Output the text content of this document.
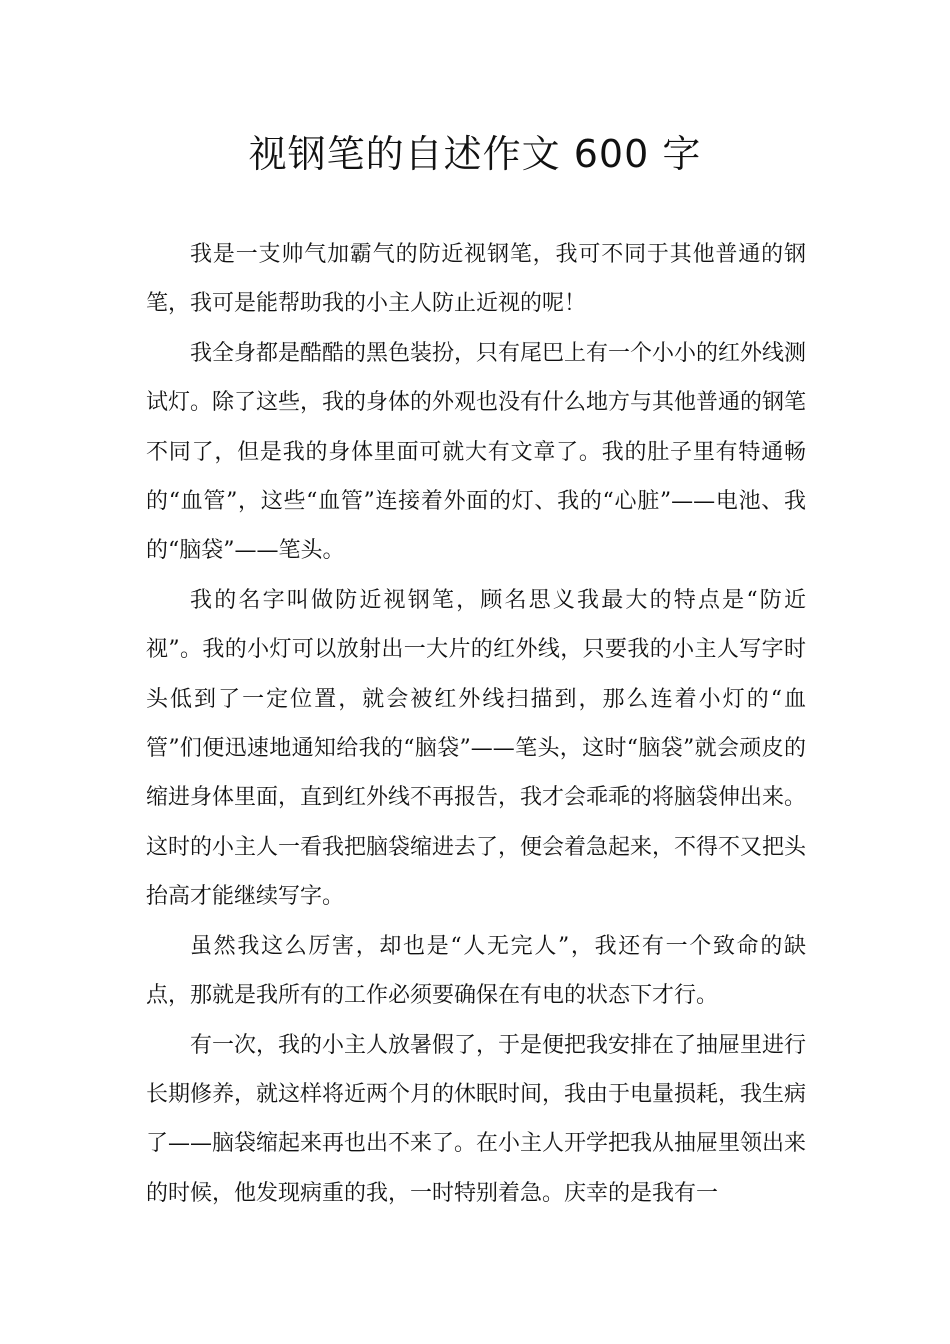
视钢笔的自述作文 600 字

我是一支帅气加霸气的防近视钢笔，我可不同于其他普通的钢笔，我可是能帮助我的小主人防止近视的呢！

我全身都是酷酷的黑色装扮，只有尾巴上有一个小小的红外线测试灯。除了这些，我的身体的外观也没有什么地方与其他普通的钢笔不同了，但是我的身体里面可就大有文章了。我的肚子里有特通畅的“血管”，这些“血管”连接着外面的灯、我的“心脏”——电池、我的“脑袋”——笔头。

我的名字叫做防近视钢笔，顾名思义我最大的特点是“防近视”。我的小灯可以放射出一大片的红外线，只要我的小主人写字时头低到了一定位置，就会被红外线扫描到，那么连着小灯的“血管”们便迅速地通知给我的“脑袋”——笔头，这时“脑袋”就会顽皮的缩进身体里面，直到红外线不再报告，我才会乖乖的将脑袋伸出来。这时的小主人一看我把脑袋缩进去了，便会着急起来，不得不又把头抬高才能继续写字。

虽然我这么厉害，却也是“人无完人”，我还有一个致命的缺点，那就是我所有的工作必须要确保在有电的状态下才行。

有一次，我的小主人放暑假了，于是便把我安排在了抽屉里进行长期修养，就这样将近两个月的休眠时间，我由于电量损耗，我生病了——脑袋缩起来再也出不来了。在小主人开学把我从抽屉里领出来的时候，他发现病重的我，一时特别着急。庆幸的是我有一
